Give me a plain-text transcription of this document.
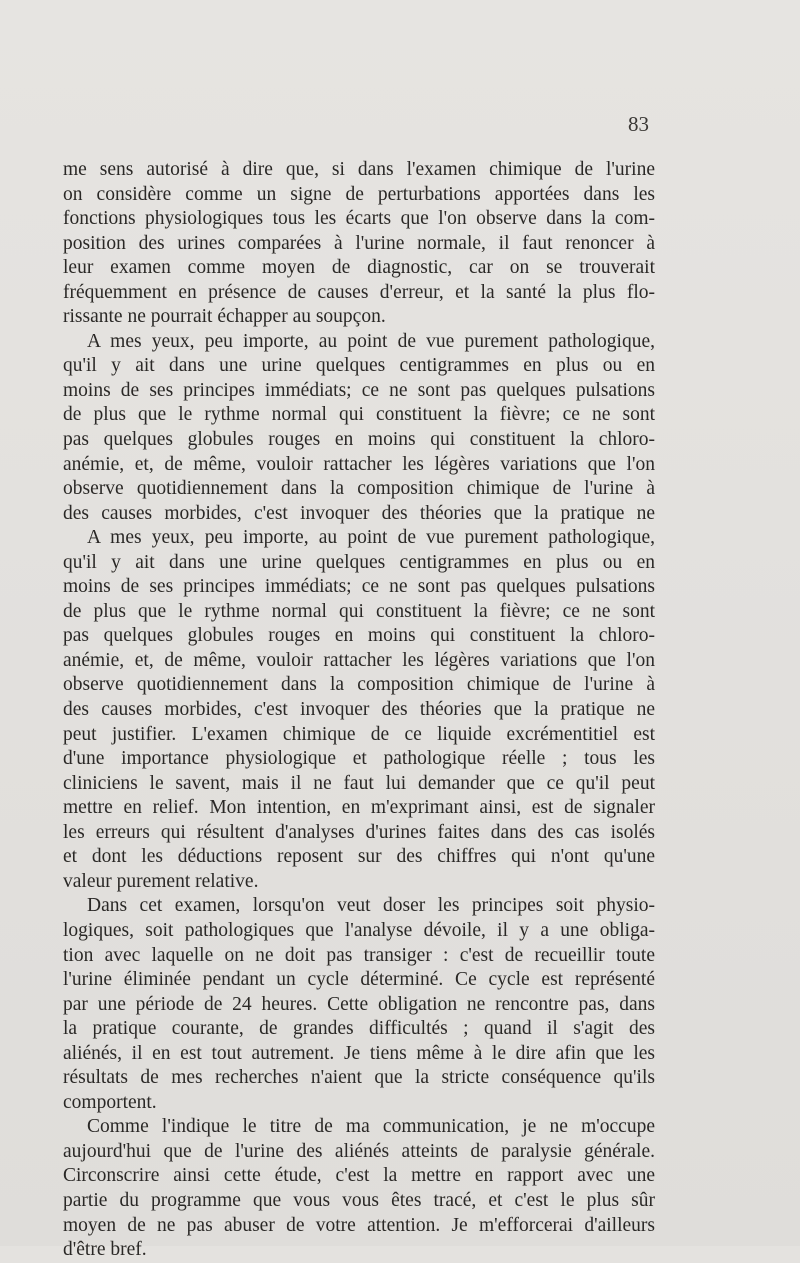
83
me sens autorisé à dire que, si dans l'examen chimique de l'urine
on considère comme un signe de perturbations apportées dans les
fonctions physiologiques tous les écarts que l'on observe dans la com-
position des urines comparées à l'urine normale, il faut renoncer à
leur examen comme moyen de diagnostic, car on se trouverait
fréquemment en présence de causes d'erreur, et la santé la plus flo-
rissante ne pourrait échapper au soupçon.
A mes yeux, peu importe, au point de vue purement pathologique,
qu'il y ait dans une urine quelques centigrammes en plus ou en
moins de ses principes immédiats; ce ne sont pas quelques pulsations
de plus que le rythme normal qui constituent la fièvre; ce ne sont
pas quelques globules rouges en moins qui constituent la chloro-
anémie, et, de même, vouloir rattacher les légères variations que l'on
observe quotidiennement dans la composition chimique de l'urine à
des causes morbides, c'est invoquer des théories que la pratique ne
A mes yeux, peu importe, au point de vue purement pathologique,
qu'il y ait dans une urine quelques centigrammes en plus ou en
moins de ses principes immédiats; ce ne sont pas quelques pulsations
de plus que le rythme normal qui constituent la fièvre; ce ne sont
pas quelques globules rouges en moins qui constituent la chloro-
anémie, et, de même, vouloir rattacher les légères variations que l'on
observe quotidiennement dans la composition chimique de l'urine à
des causes morbides, c'est invoquer des théories que la pratique ne
peut justifier. L'examen chimique de ce liquide excrémentitiel est
d'une importance physiologique et pathologique réelle ; tous les
cliniciens le savent, mais il ne faut lui demander que ce qu'il peut
mettre en relief. Mon intention, en m'exprimant ainsi, est de signaler
les erreurs qui résultent d'analyses d'urines faites dans des cas isolés
et dont les déductions reposent sur des chiffres qui n'ont qu'une
valeur purement relative.
Dans cet examen, lorsqu'on veut doser les principes soit physio-
logiques, soit pathologiques que l'analyse dévoile, il y a une obliga-
tion avec laquelle on ne doit pas transiger : c'est de recueillir toute
l'urine éliminée pendant un cycle déterminé. Ce cycle est représenté
par une période de 24 heures. Cette obligation ne rencontre pas, dans
la pratique courante, de grandes difficultés ; quand il s'agit des
aliénés, il en est tout autrement. Je tiens même à le dire afin que les
résultats de mes recherches n'aient que la stricte conséquence qu'ils
comportent.
Comme l'indique le titre de ma communication, je ne m'occupe
aujourd'hui que de l'urine des aliénés atteints de paralysie générale.
Circonscrire ainsi cette étude, c'est la mettre en rapport avec une
partie du programme que vous vous êtes tracé, et c'est le plus sûr
moyen de ne pas abuser de votre attention. Je m'efforcerai d'ailleurs
d'être bref.
